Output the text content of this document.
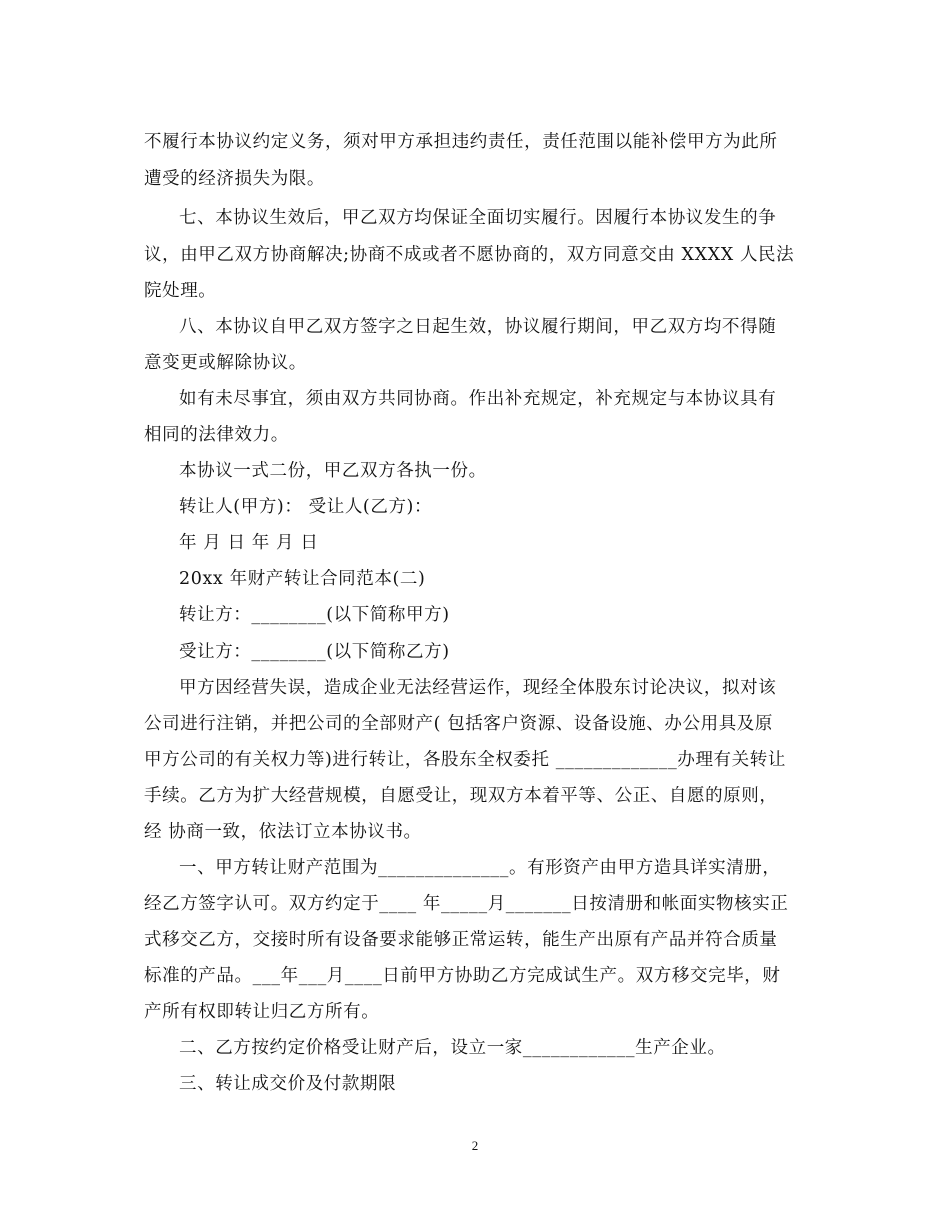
不履行本协议约定义务，须对甲方承担违约责任，责任范围以能补偿甲方为此所
遭受的经济损失为限。
七、本协议生效后，甲乙双方均保证全面切实履行。因履行本协议发生的争
议，由甲乙双方协商解决;协商不成或者不愿协商的，双方同意交由 XXXX 人民法
院处理。
八、本协议自甲乙双方签字之日起生效，协议履行期间，甲乙双方均不得随
意变更或解除协议。
如有未尽事宜，须由双方共同协商。作出补充规定，补充规定与本协议具有
相同的法律效力。
本协议一式二份，甲乙双方各执一份。
转让人(甲方)： 受让人(乙方)：
年 月 日 年 月 日
20xx 年财产转让合同范本(二)
转让方：________(以下简称甲方)
受让方：________(以下简称乙方)
甲方因经营失误，造成企业无法经营运作，现经全体股东讨论决议，拟对该
公司进行注销，并把公司的全部财产( 包括客户资源、设备设施、办公用具及原
甲方公司的有关权力等)进行转让，各股东全权委托 _____________办理有关转让
手续。乙方为扩大经营规模，自愿受让，现双方本着平等、公正、自愿的原则，
经 协商一致，依法订立本协议书。
一、甲方转让财产范围为______________。有形资产由甲方造具详实清册，
经乙方签字认可。双方约定于____ 年_____月_______日按清册和帐面实物核实正
式移交乙方，交接时所有设备要求能够正常运转，能生产出原有产品并符合质量
标准的产品。___年___月____日前甲方协助乙方完成试生产。双方移交完毕，财
产所有权即转让归乙方所有。
二、乙方按约定价格受让财产后，设立一家____________生产企业。
三、转让成交价及付款期限
2
